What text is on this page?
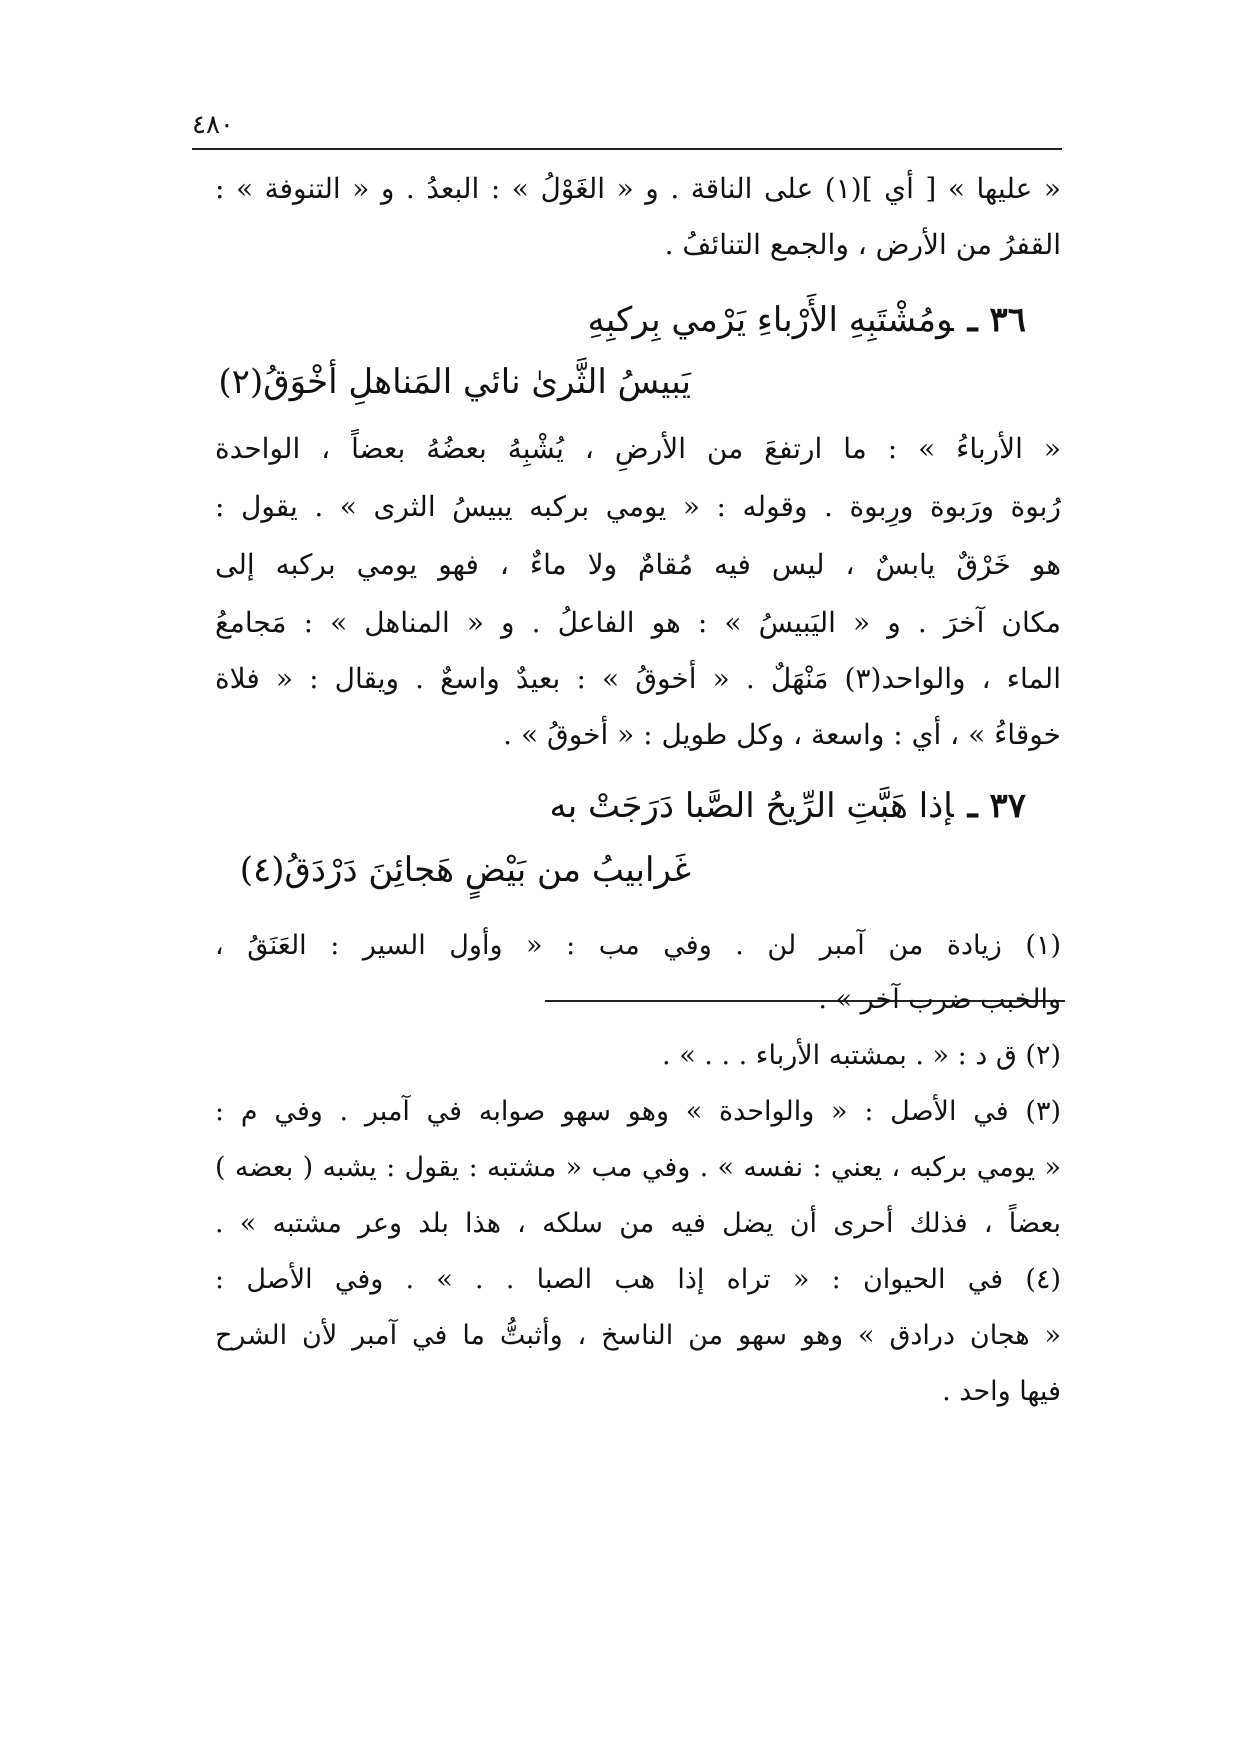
٤٨٠
« عليها » [ أي ](١) على الناقة . و « الغَوْلُ » : البعدُ . و « التنوفة » :
القفرُ من الأرض ، والجمع التنائفُ .
٣٦ ـومُشْتَبِهِ الأَرْباءِ يَرْمي بِركبِهِ
يَبيسُ الثَّرىٰ نائي المَناهلِ أخْوَقُ(٢)
« الأرباءُ » : ما ارتفعَ من الأرضِ ، يُشْبِهُ بعضُهُ بعضاً ، الواحدة
رُبوة ورَبوة ورِبوة . وقوله : « يومي بركبه يبيسُ الثرى » . يقول :
هو خَرْقٌ يابسٌ ، ليس فيه مُقامٌ ولا ماءٌ ، فهو يومي بركبه إلى
مكان آخرَ . و « اليَبيسُ » : هو الفاعلُ . و « المناهل » : مَجامعُ
الماء ، والواحد(٣) مَنْهَلٌ . « أخوقُ » : بعيدٌ واسعٌ . ويقال : « فلاة
خوقاءُ » ، أي : واسعة ، وكل طويل : « أخوقُ » .
٣٧ ـإذا هَبَّتِ الرِّيحُ الصَّبا دَرَجَتْ به
غَرابيبُ من بَيْضٍ هَجائِنَ دَرْدَقُ(٤)
(١) زيادة من آمبر لن . وفي مب : « وأول السير : العَنَقُ ،
والخبب ضرب آخر » .
(٢) ق د : « . بمشتبه الأرباء . . . » .
(٣) في الأصل : « والواحدة » وهو سهو صوابه في آمبر . وفي م :
« يومي بركبه ، يعني : نفسه » . وفي مب « مشتبه : يقول : يشبه ( بعضه )
بعضاً ، فذلك أحرى أن يضل فيه من سلكه ، هذا بلد وعر مشتبه » .
(٤) في الحيوان : « تراه إذا هب الصبا . . » . وفي الأصل :
« هجان درادق » وهو سهو من الناسخ ، وأثبتُّ ما في آمبر لأن الشرح
فيها واحد .
